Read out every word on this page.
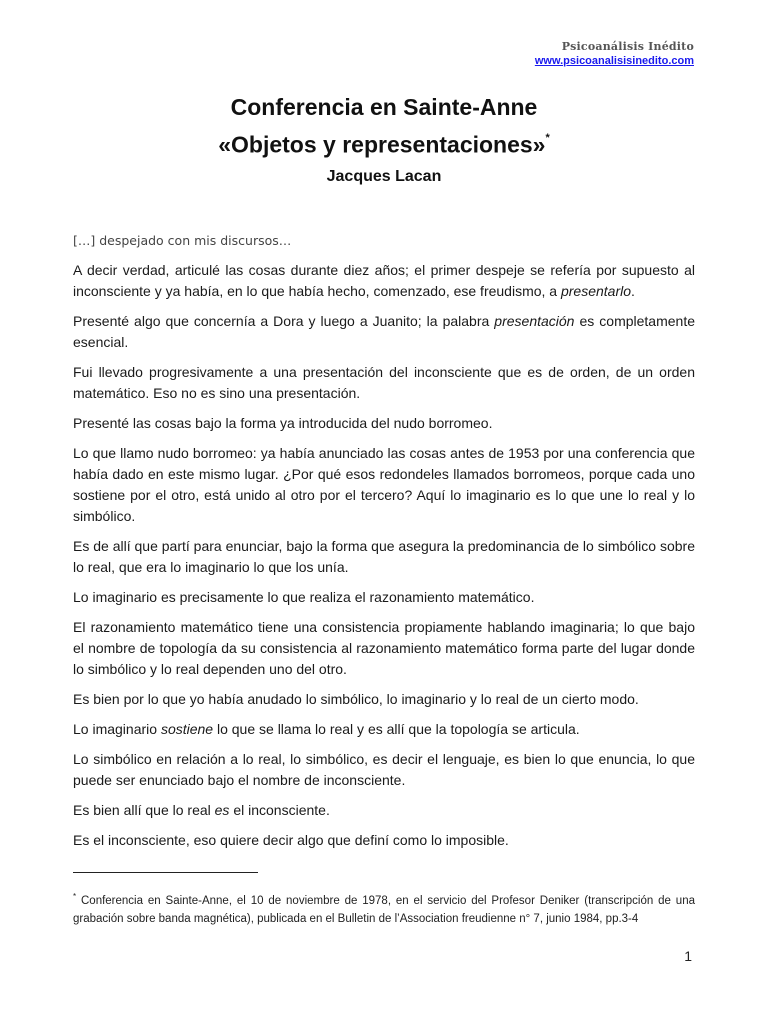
Psicoanálisis Inédito
www.psicoanalisisinedito.com
Conferencia en Sainte-Anne
«Objetos y representaciones»*
Jacques Lacan

[…] despejado con mis discursos…

A decir verdad, articulé las cosas durante diez años; el primer despeje se refería por supuesto al inconsciente y ya había, en lo que había hecho, comenzado, ese freudismo, a presentarlo.

Presenté algo que concernía a Dora y luego a Juanito; la palabra presentación es completamente esencial.

Fui llevado progresivamente a una presentación del inconsciente que es de orden, de un orden matemático. Eso no es sino una presentación.

Presenté las cosas bajo la forma ya introducida del nudo borromeo.

Lo que llamo nudo borromeo: ya había anunciado las cosas antes de 1953 por una conferencia que había dado en este mismo lugar. ¿Por qué esos redondeles llamados borromeos, porque cada uno sostiene por el otro, está unido al otro por el tercero? Aquí lo imaginario es lo que une lo real y lo simbólico.

Es de allí que partí para enunciar, bajo la forma que asegura la predominancia de lo simbólico sobre lo real, que era lo imaginario lo que los unía.

Lo imaginario es precisamente lo que realiza el razonamiento matemático.

El razonamiento matemático tiene una consistencia propiamente hablando imaginaria; lo que bajo el nombre de topología da su consistencia al razonamiento matemático forma parte del lugar donde lo simbólico y lo real dependen uno del otro.

Es bien por lo que yo había anudado lo simbólico, lo imaginario y lo real de un cierto modo.

Lo imaginario sostiene lo que se llama lo real y es allí que la topología se articula.

Lo simbólico en relación a lo real, lo simbólico, es decir el lenguaje, es bien lo que enuncia, lo que puede ser enunciado bajo el nombre de inconsciente.

Es bien allí que lo real es el inconsciente.

Es el inconsciente, eso quiere decir algo que definí como lo imposible.

* Conferencia en Sainte-Anne, el 10 de noviembre de 1978, en el servicio del Profesor Deniker (transcripción de una grabación sobre banda magnética), publicada en el Bulletin de l’Association freudienne n° 7, junio 1984, pp.3-4
1
